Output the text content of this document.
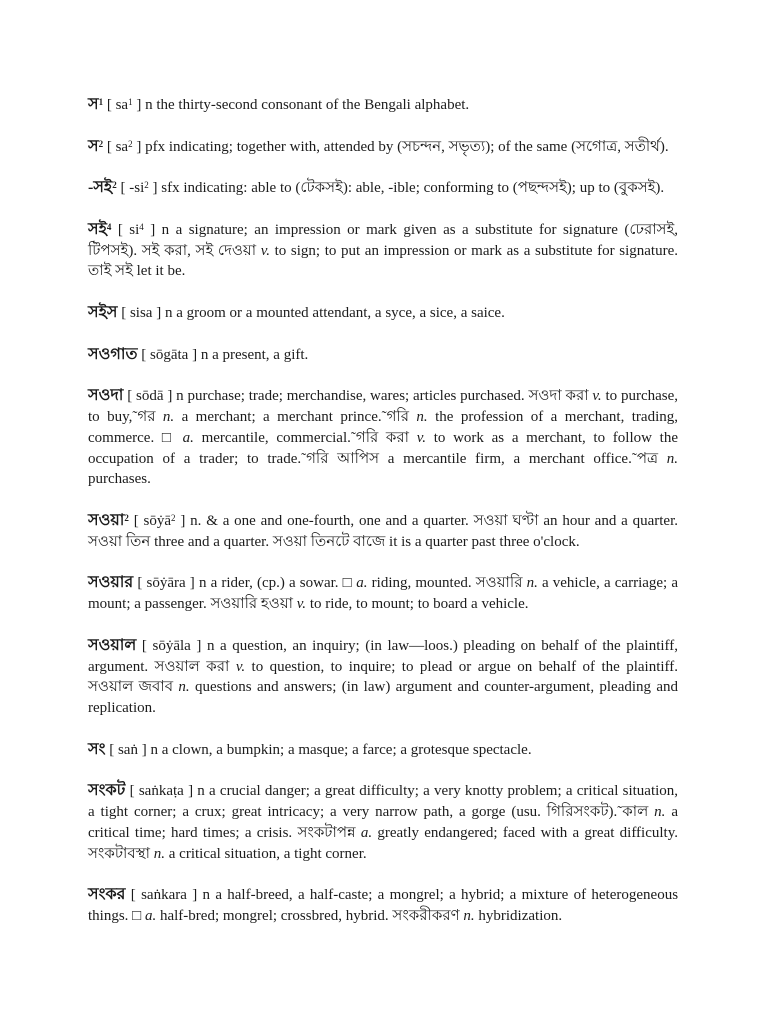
স$^1$ [ $sa^1$ ] n the thirty-second consonant of the Bengali alphabet.

স$^2$ [ $sa^2$ ] pfx indicating; together with, attended by (সচন্দন, সভৃত্য); of the same (সগোত্র, সতীর্থ).

-সই$^2$ [ $-si^2$ ] sfx indicating: able to (টেকসই): able, -ible; conforming to (পছন্দসই); up to (বুকসই).

সই$^4$ [ $si^4$ ] n a signature; an impression or mark given as a substitute for signature (ঢেরাসই, টিপসই). সই করা, সই দেওয়া v. to sign; to put an impression or mark as a substitute for signature. তাই সই let it be.

সইস [ sisa ] n a groom or a mounted attendant, a syce, a sice, a saice.

সওগাত [ sōgāta ] n a present, a gift.

সওদা [ sōdā ] n purchase; trade; merchandise, wares; articles purchased. সওদা করা v. to purchase, to buy,˜গর n. a merchant; a merchant prince.˜গরি n. the profession of a merchant, trading, commerce. □ a. mercantile, commercial.˜গরি করা v. to work as a merchant, to follow the occupation of a trader; to trade.˜গরি আপিস a mercantile firm, a merchant office.˜পত্র n. purchases.

সওয়া$^2$ [ sōẏā$^2$ ] n. & a one and one-fourth, one and a quarter. সওয়া ঘণ্টা an hour and a quarter. সওয়া তিন three and a quarter. সওয়া তিনটে বাজে it is a quarter past three o'clock.

সওয়ার [ sōẏāra ] n a rider, (cp.) a sowar. □ a. riding, mounted. সওয়ারি n. a vehicle, a carriage; a mount; a passenger. সওয়ারি হওয়া v. to ride, to mount; to board a vehicle.

সওয়াল [ sōẏāla ] n a question, an inquiry; (in law—loos.) pleading on behalf of the plaintiff, argument. সওয়াল করা v. to question, to inquire; to plead or argue on behalf of the plaintiff. সওয়াল জবাব n. questions and answers; (in law) argument and counter-argument, pleading and replication.

সং [ saṅ ] n a clown, a bumpkin; a masque; a farce; a grotesque spectacle.

সংকট [ saṅkaṭa ] n a crucial danger; a great difficulty; a very knotty problem; a critical situation, a tight corner; a crux; great intricacy; a very narrow path, a gorge (usu. গিরিসংকট).˜কাল n. a critical time; hard times; a crisis. সংকটাপন্ন a. greatly endangered; faced with a great difficulty. সংকটাবস্থা n. a critical situation, a tight corner.

সংকর [ saṅkara ] n a half-breed, a half-caste; a mongrel; a hybrid; a mixture of heterogeneous things. □ a. half-bred; mongrel; crossbred, hybrid. সংকরীকরণ n. hybridization.
